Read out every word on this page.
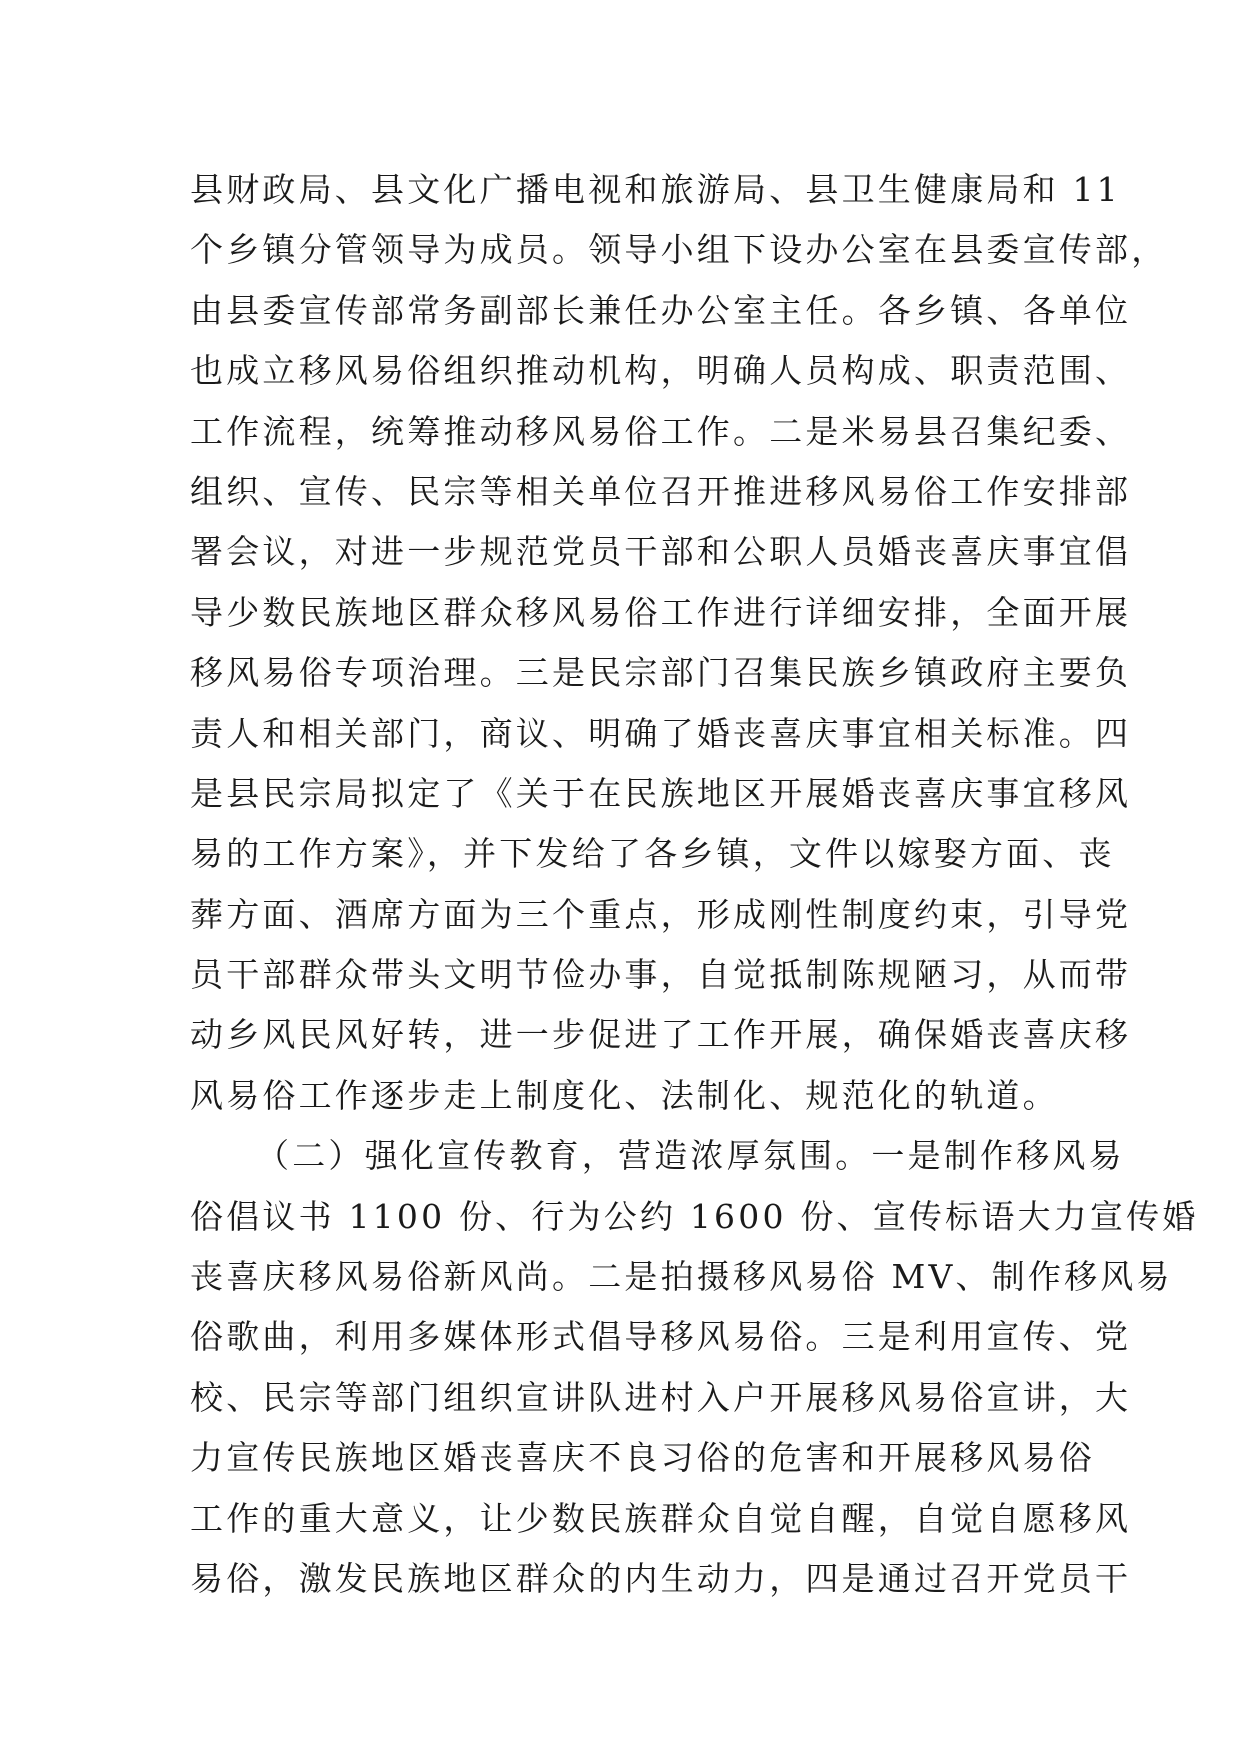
县财政局、县文化广播电视和旅游局、县卫生健康局和 11
个乡镇分管领导为成员。领导小组下设办公室在县委宣传部，
由县委宣传部常务副部长兼任办公室主任。各乡镇、各单位
也成立移风易俗组织推动机构，明确人员构成、职责范围、
工作流程，统筹推动移风易俗工作。二是米易县召集纪委、
组织、宣传、民宗等相关单位召开推进移风易俗工作安排部
署会议，对进一步规范党员干部和公职人员婚丧喜庆事宜倡
导少数民族地区群众移风易俗工作进行详细安排，全面开展
移风易俗专项治理。三是民宗部门召集民族乡镇政府主要负
责人和相关部门，商议、明确了婚丧喜庆事宜相关标准。四
是县民宗局拟定了《关于在民族地区开展婚丧喜庆事宜移风
易的工作方案》，并下发给了各乡镇，文件以嫁娶方面、丧
葬方面、酒席方面为三个重点，形成刚性制度约束，引导党
员干部群众带头文明节俭办事，自觉抵制陈规陋习，从而带
动乡风民风好转，进一步促进了工作开展，确保婚丧喜庆移
风易俗工作逐步走上制度化、法制化、规范化的轨道。
（二）强化宣传教育，营造浓厚氛围。一是制作移风易
俗倡议书 1100 份、行为公约 1600 份、宣传标语大力宣传婚
丧喜庆移风易俗新风尚。二是拍摄移风易俗 MV、制作移风易
俗歌曲，利用多媒体形式倡导移风易俗。三是利用宣传、党
校、民宗等部门组织宣讲队进村入户开展移风易俗宣讲，大
力宣传民族地区婚丧喜庆不良习俗的危害和开展移风易俗
工作的重大意义，让少数民族群众自觉自醒，自觉自愿移风
易俗，激发民族地区群众的内生动力，四是通过召开党员干
